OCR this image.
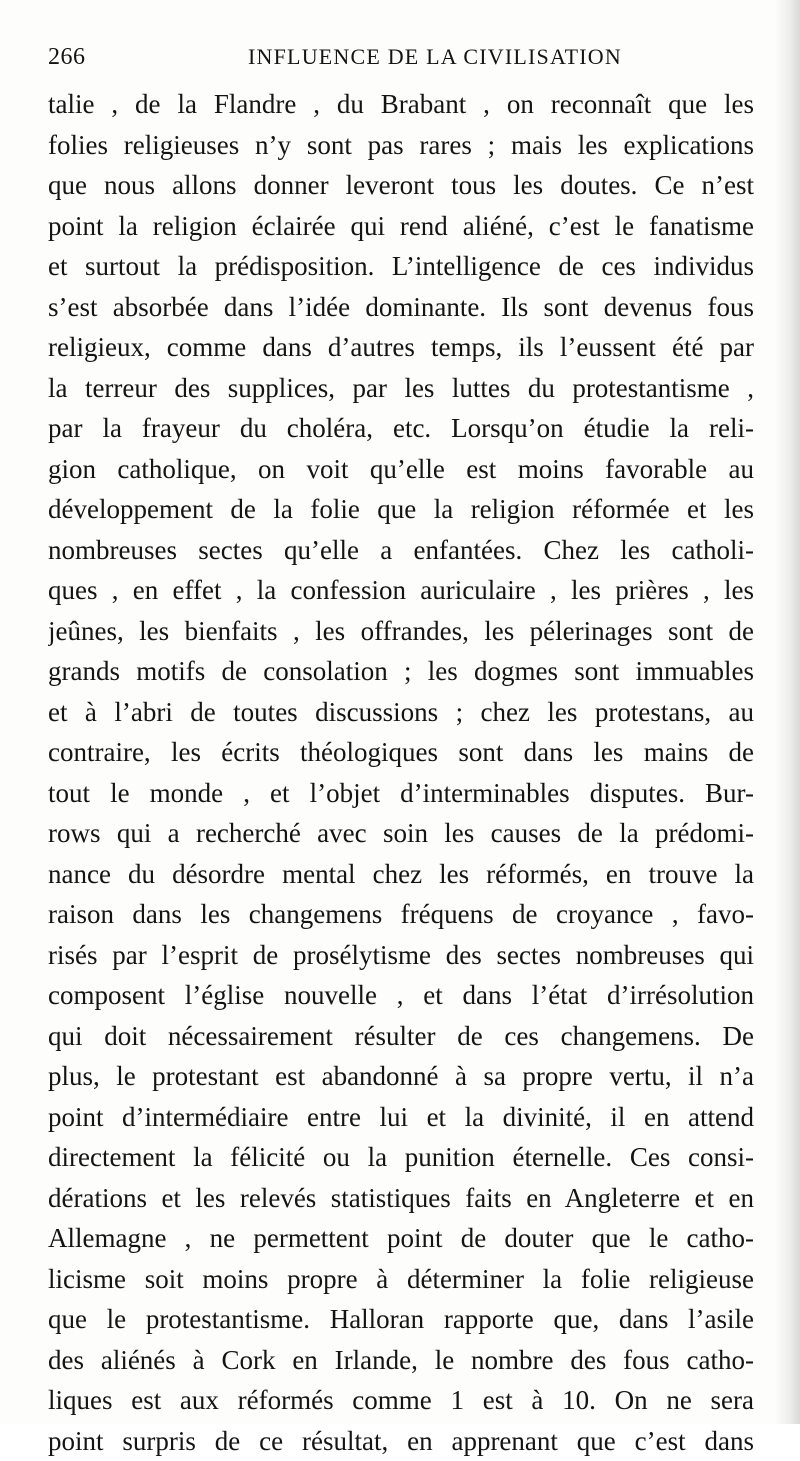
266	INFLUENCE DE LA CIVILISATION
talie , de la Flandre , du Brabant , on reconnaît que les
folies religieuses n’y sont pas rares ; mais les explications
que nous allons donner leveront tous les doutes. Ce n’est
point la religion éclairée qui rend aliéné, c’est le fanatisme
et surtout la prédisposition. L’intelligence de ces individus
s’est absorbée dans l’idée dominante. Ils sont devenus fous
religieux, comme dans d’autres temps, ils l’eussent été par
la terreur des supplices, par les luttes du protestantisme ,
par la frayeur du choléra, etc. Lorsqu’on étudie la reli-
gion catholique, on voit qu’elle est moins favorable au
développement de la folie que la religion réformée et les
nombreuses sectes qu’elle a enfantées. Chez les catholi-
ques , en effet , la confession auriculaire , les prières , les
jeûnes, les bienfaits , les offrandes, les pélerinages sont de
grands motifs de consolation ; les dogmes sont immuables
et à l’abri de toutes discussions ; chez les protestans, au
contraire, les écrits théologiques sont dans les mains de
tout le monde , et l’objet d’interminables disputes. Bur-
rows qui a recherché avec soin les causes de la prédomi-
nance du désordre mental chez les réformés, en trouve la
raison dans les changemens fréquens de croyance , favo-
risés par l’esprit de prosélytisme des sectes nombreuses qui
composent l’église nouvelle , et dans l’état d’irrésolution
qui doit nécessairement résulter de ces changemens. De
plus, le protestant est abandonné à sa propre vertu, il n’a
point d’intermédiaire entre lui et la divinité, il en attend
directement la félicité ou la punition éternelle. Ces consi-
dérations et les relevés statistiques faits en Angleterre et en
Allemagne , ne permettent point de douter que le catho-
licisme soit moins propre à déterminer la folie religieuse
que le protestantisme. Halloran rapporte que, dans l’asile
des aliénés à Cork en Irlande, le nombre des fous catho-
liques est aux réformés comme 1 est à 10. On ne sera
point surpris de ce résultat, en apprenant que c’est dans
